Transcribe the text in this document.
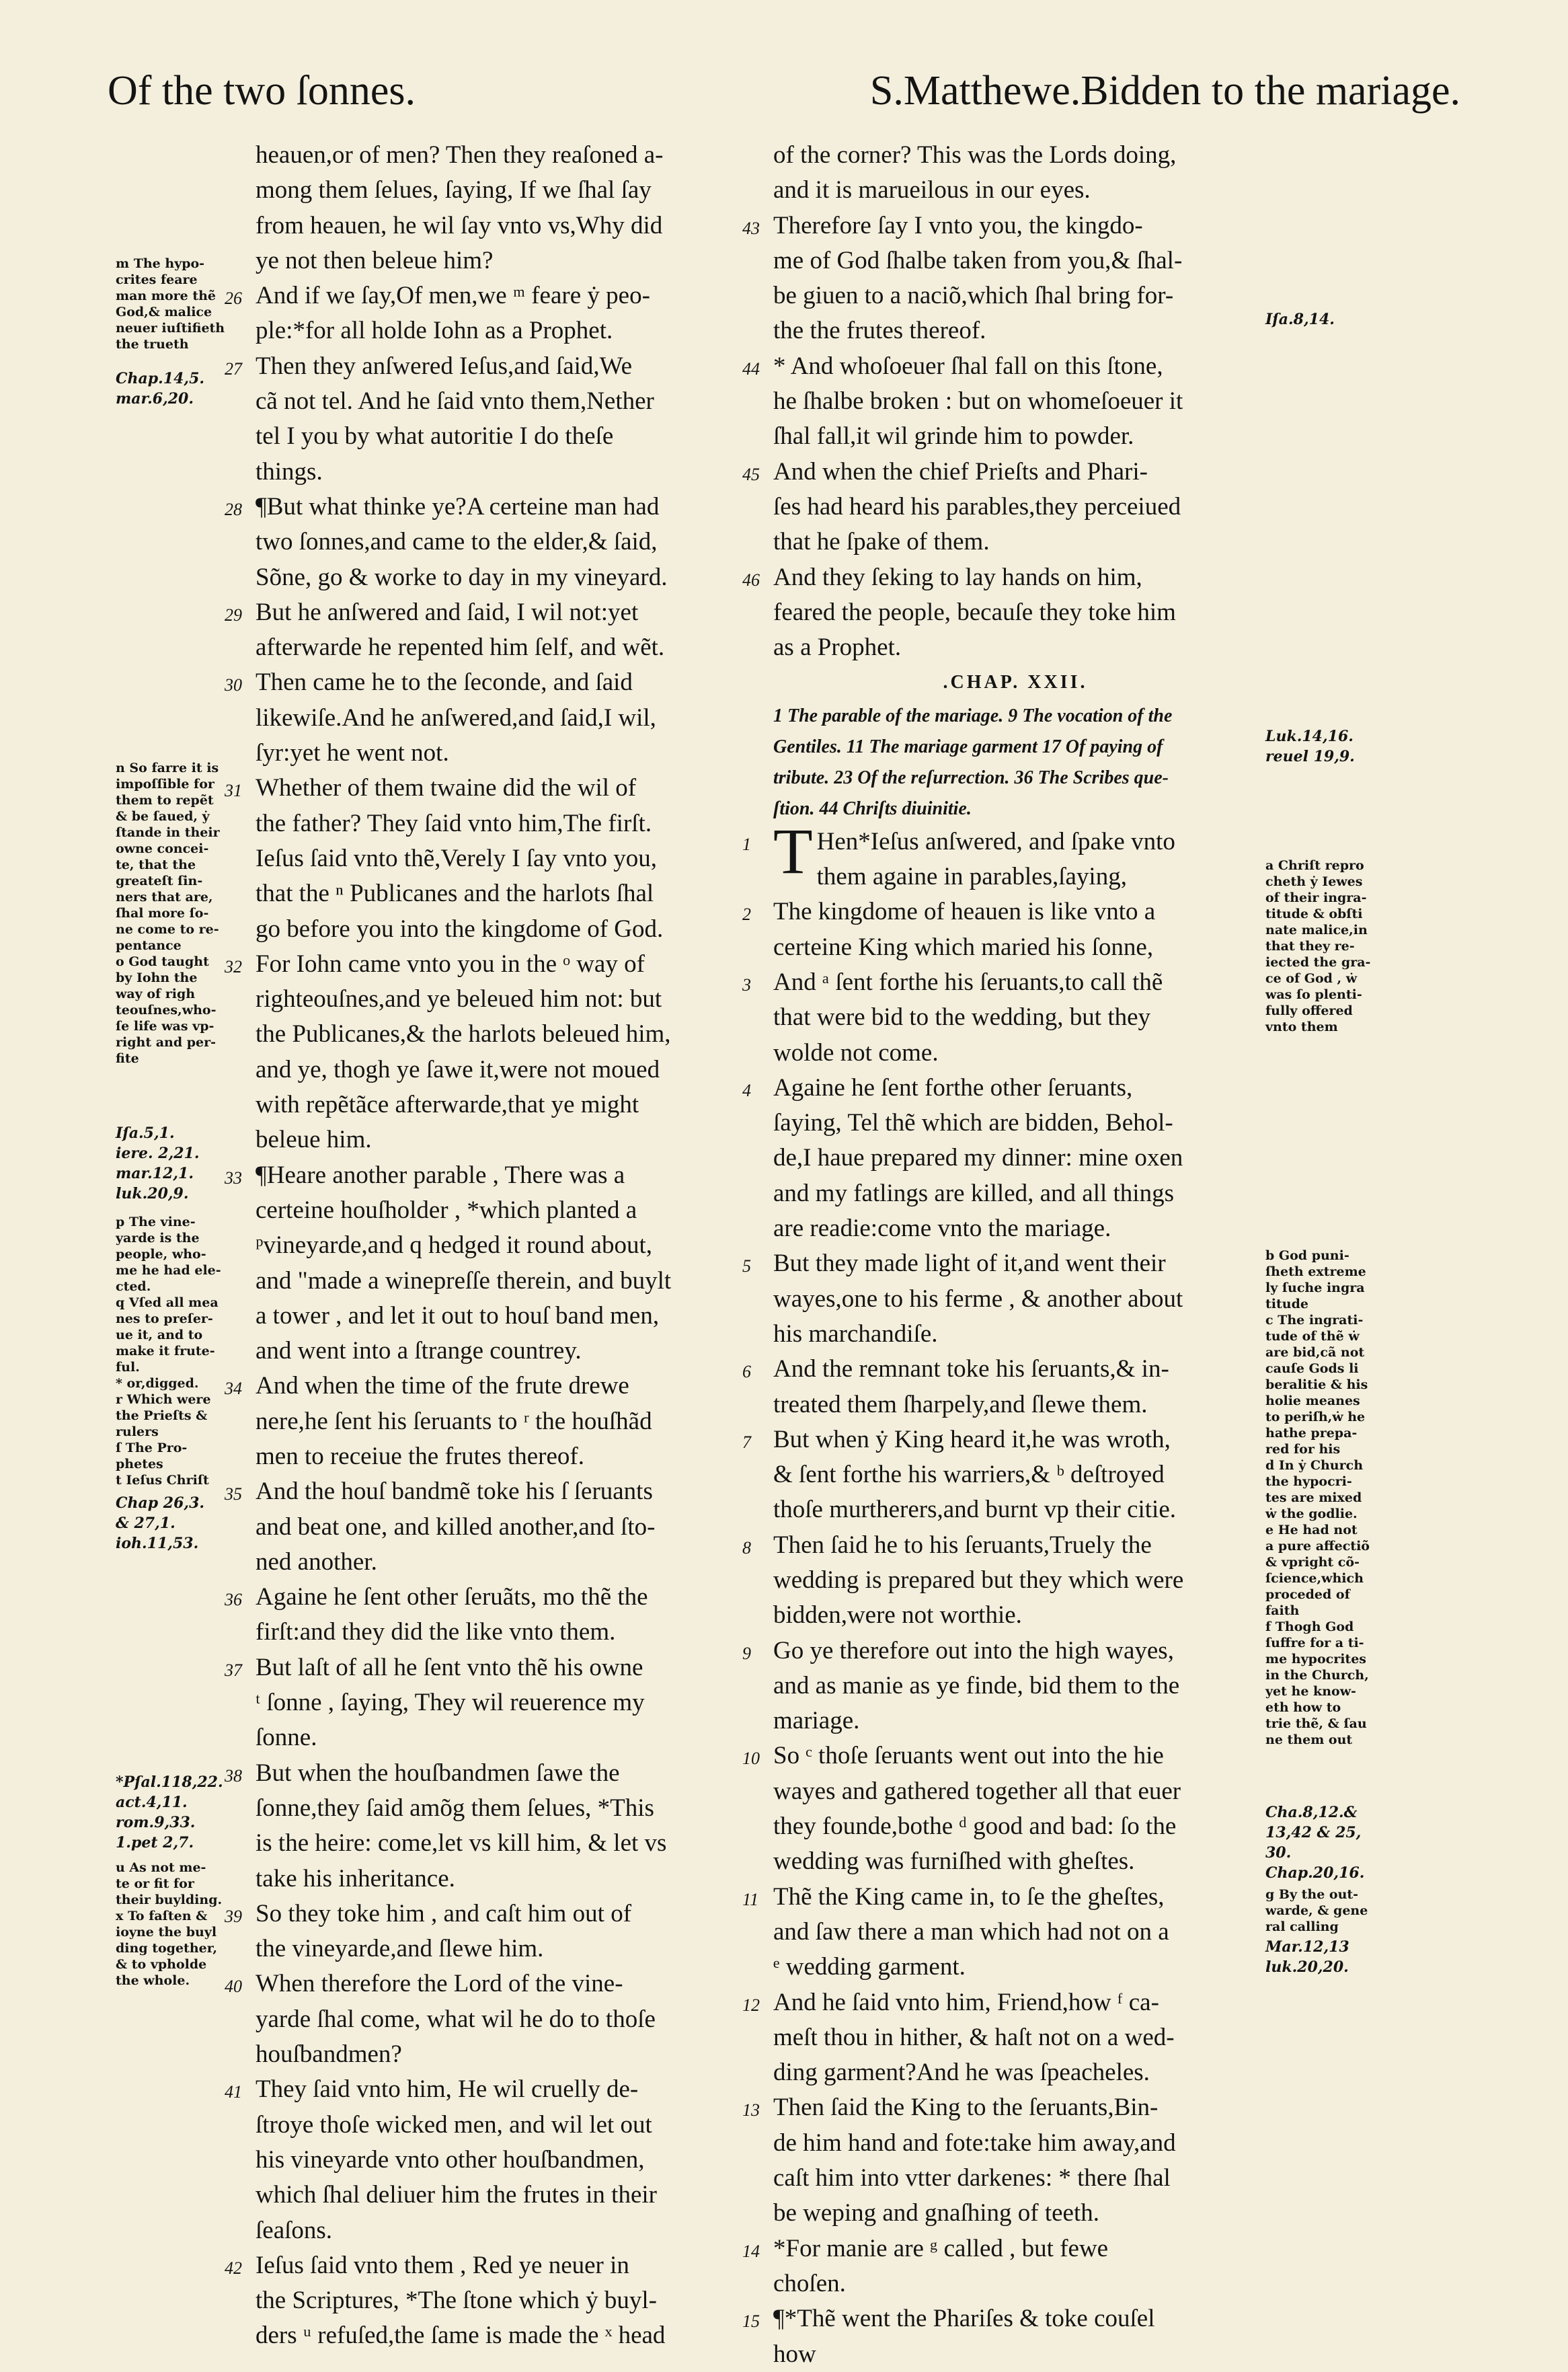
Of the two ſonnes.	S.Matthewe.Bidden to the mariage.
heauen,or of men? Then they reaſoned a-
mong them ſelues, ſaying, If we ſhal ſay
from heauen, he wil ſay vnto vs,Why did
ye not then beleue him?
26 And if we ſay,Of men,we ᵐ feare ẏ peo-
ple:*for all holde Iohn as a Prophet.
27 Then they anſwered Ieſus,and ſaid,We
cã not tel. And he ſaid vnto them,Nether
tel I you by what autoritie I do theſe
things.
28 ¶But what thinke ye?A certeine man had
two ſonnes,and came to the elder,& ſaid,
Sõne, go & worke to day in my vineyard.
29 But he anſwered and ſaid, I wil not:yet
afterwarde he repented him ſelf, and wẽt.
30 Then came he to the ſeconde, and ſaid
likewiſe.And he anſwered,and ſaid,I wil,
ſyr:yet he went not.
31 Whether of them twaine did the wil of
the father? They ſaid vnto him,The firſt.
Ieſus ſaid vnto thẽ,Verely I ſay vnto you,
that the ⁿ Publicanes and the harlots ſhal
go before you into the kingdome of God.
32 For Iohn came vnto you in the ᵒ way of
righteouſnes,and ye beleued him not: but
the Publicanes,& the harlots beleued him,
and ye, thogh ye ſawe it,were not moued
with repẽtãce afterwarde,that ye might
beleue him.
33 ¶Heare another parable , There was a
certeine houſholder , *which planted a
ᵖvineyarde,and q hedged it round about,
and "made a winepreſſe therein, and buylt
a tower , and let it out to houſ band men,
and went into a ſtrange countrey.
34 And when the time of the frute drewe
nere,he ſent his ſeruants to ʳ the houſhãd
men to receiue the frutes thereof.
35 And the houſ bandmẽ toke his ſ ſeruants
and beat one, and killed another,and ſto-
ned another.
36 Againe he ſent other ſeruãts, mo thẽ the
firſt:and they did the like vnto them.
37 But laſt of all he ſent vnto thẽ his owne
ᵗ ſonne , ſaying, They wil reuerence my
ſonne.
38 But when the houſbandmen ſawe the
ſonne,they ſaid amõg them ſelues, *This
is the heire: come,let vs kill him, & let vs
take his inheritance.
39 So they toke him , and caſt him out of
the vineyarde,and ſlewe him.
40 When therefore the Lord of the vine-
yarde ſhal come, what wil he do to thoſe
houſbandmen?
41 They ſaid vnto him, He wil cruelly de-
ſtroye thoſe wicked men, and wil let out
his vineyarde vnto other houſbandmen,
which ſhal deliuer him the frutes in their
ſeaſons.
42 Ieſus ſaid vnto them , Red ye neuer in
the Scriptures, *The ſtone which ẏ buyl-
ders ᵘ refuſed,the ſame is made the ˣ head
of the corner? This was the Lords doing,
and it is marueilous in our eyes.
43 Therefore ſay I vnto you, the kingdo-
me of God ſhalbe taken from you,& ſhal-
be giuen to a naciõ,which ſhal bring for-
the the frutes thereof.
44 * And whoſoeuer ſhal fall on this ſtone,
he ſhalbe broken : but on whomeſoeuer it
ſhal fall,it wil grinde him to powder.
45 And when the chief Prieſts and Phari-
ſes had heard his parables,they perceiued
that he ſpake of them.
46 And they ſeking to lay hands on him,
feared the people, becauſe they toke him
as a Prophet.
.CHAP. XXII.
1 The parable of the mariage. 9 The vocation of the
Gentiles. 11 The mariage garment 17 Of paying of
tribute. 23 Of the reſurrection. 36 The Scribes que-
ſtion. 44 Chriſts diuinitie.
1 T Hen*Ieſus anſwered, and ſpake vnto
them againe in parables,ſaying,
2 The kingdome of heauen is like vnto a
certeine King which maried his ſonne,
3 And ᵃ ſent forthe his ſeruants,to call thẽ
that were bid to the wedding, but they
wolde not come.
4 Againe he ſent forthe other ſeruants,
ſaying, Tel thẽ which are bidden, Behol-
de,I haue prepared my dinner: mine oxen
and my fatlings are killed, and all things
are readie:come vnto the mariage.
5 But they made light of it,and went their
wayes,one to his ferme , & another about
his marchandiſe.
6 And the remnant toke his ſeruants,& in-
treated them ſharpely,and ſlewe them.
7 But when ẏ King heard it,he was wroth,
& ſent forthe his warriers,& ᵇ deſtroyed
thoſe murtherers,and burnt vp their citie.
8 Then ſaid he to his ſeruants,Truely the
wedding is prepared but they which were
bidden,were not worthie.
9 Go ye therefore out into the high wayes,
and as manie as ye finde, bid them to the
mariage.
10 So ᶜ thoſe ſeruants went out into the hie
wayes and gathered together all that euer
they founde,bothe ᵈ good and bad: ſo the
wedding was furniſhed with gheſtes.
11 Thẽ the King came in, to ſe the gheſtes,
and ſaw there a man which had not on a
ᵉ wedding garment.
12 And he ſaid vnto him, Friend,how ᶠ ca-
meſt thou in hither, & haſt not on a wed-
ding garment?And he was ſpeacheles.
13 Then ſaid the King to the ſeruants,Bin-
de him hand and fote:take him away,and
caſt him into vtter darkenes: * there ſhal
be weping and gnaſhing of teeth.
14 *For manie are ᵍ called , but fewe
choſen.
15 ¶*Thẽ went the Phariſes & toke couſel
how
m The hypo-
crites feare
man more thẽ
God,& malice
neuer iuſtifieth
the trueth
Chap.14,5.
mar.6,20.
n So farre it is
impoſſible for
them to repẽt
& be ſaued, ẏ
ſtande in their
owne concei-
te, that the
greateſt ſin-
ners that are,
ſhal more ſo-
ne come to re-
pentance
o God taught
by Iohn the
way of righ
teouſnes,who-
ſe life was vp-
right and per-
fite
Iſa.5,1.
iere. 2,21.
mar.12,1.
luk.20,9.
p The vine-
yarde is the
people, who-
me he had ele-
cted.
q Vſed all mea
nes to preſer-
ue it, and to
make it frute-
ful.
* or,digged.
r Which were
the Prieſts &
rulers
ſ The Pro-
phetes
t Ieſus Chriſt
Chap 26,3.
& 27,1.
ioh.11,53.
*Pſal.118,22.
act.4,11.
rom.9,33.
1.pet 2,7.
u As not me-
te or fit for
their buylding.
x To faſten &
ioyne the buyl
ding together,
& to vpholde
the whole.
Iſa.8,14.
Luk.14,16.
reuel 19,9.
a Chriſt repro
cheth ẏ Iewes
of their ingra-
titude & obſti
nate malice,in
that they re-
iected the gra-
ce of God , ẇ
was ſo plenti-
fully offered
vnto them
b God puni-
ſheth extreme
ly ſuche ingra
titude
c The ingrati-
tude of thẽ ẇ
are bid,cã not
cauſe Gods li
beralitie & his
holie meanes
to periſh,ẇ he
hathe prepa-
red for his
d In ẏ Church
the hypocri-
tes are mixed
ẇ the godlie.
e He had not
a pure affectiõ
& vpright cõ-
ſcience,which
proceded of
faith
f Thogh God
ſuffre for a ti-
me hypocrites
in the Church,
yet he know-
eth how to
trie thẽ, & ſau
ne them out
Cha.8,12.&
13,42 & 25,
30.
Chap.20,16.
g By the out-
warde, & gene
ral calling
Mar.12,13
luk.20,20.
